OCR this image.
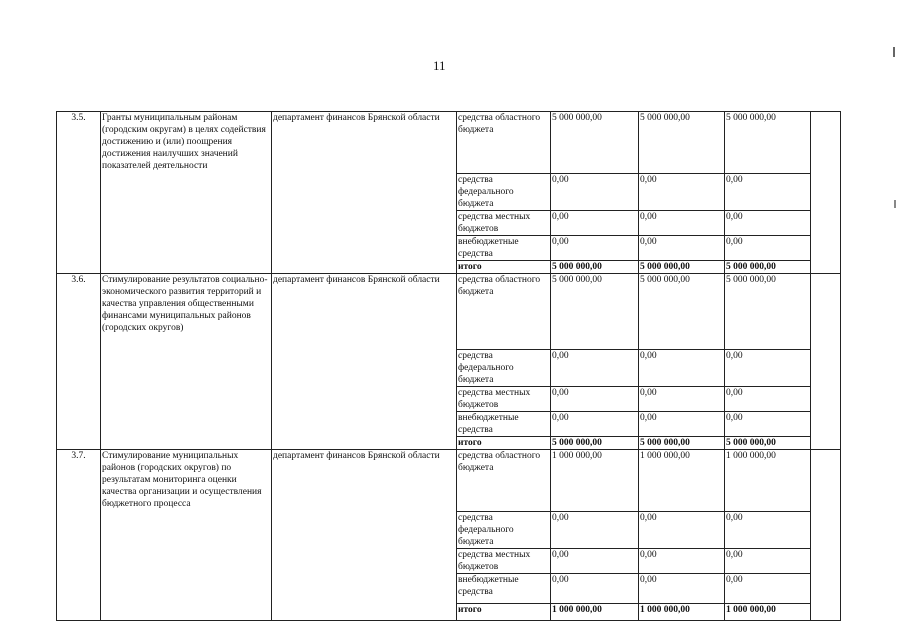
11
3.5.	Гранты муниципальным районам (городским округам) в целях содействия достижению и (или) поощрения достижения наилучших значений показателей деятельности	департамент финансов Брянской области	средства областного бюджета	5 000 000,00	5 000 000,00	5 000 000,00	
			средства федерального бюджета	0,00	0,00	0,00	
			средства местных бюджетов	0,00	0,00	0,00	
			внебюджетные средства	0,00	0,00	0,00	
			итого	5 000 000,00	5 000 000,00	5 000 000,00	
3.6.	Стимулирование результатов социально-экономического развития территорий и качества управления общественными финансами муниципальных районов (городских округов)	департамент финансов Брянской области	средства областного бюджета	5 000 000,00	5 000 000,00	5 000 000,00	
			средства федерального бюджета	0,00	0,00	0,00	
			средства местных бюджетов	0,00	0,00	0,00	
			внебюджетные средства	0,00	0,00	0,00	
			итого	5 000 000,00	5 000 000,00	5 000 000,00	
3.7.	Стимулирование муниципальных районов (городских округов) по результатам мониторинга оценки качества организации и осуществления бюджетного процесса	департамент финансов Брянской области	средства областного бюджета	1 000 000,00	1 000 000,00	1 000 000,00	
			средства федерального бюджета	0,00	0,00	0,00	
			средства местных бюджетов	0,00	0,00	0,00	
			внебюджетные средства	0,00	0,00	0,00	
			итого	1 000 000,00	1 000 000,00	1 000 000,00	
